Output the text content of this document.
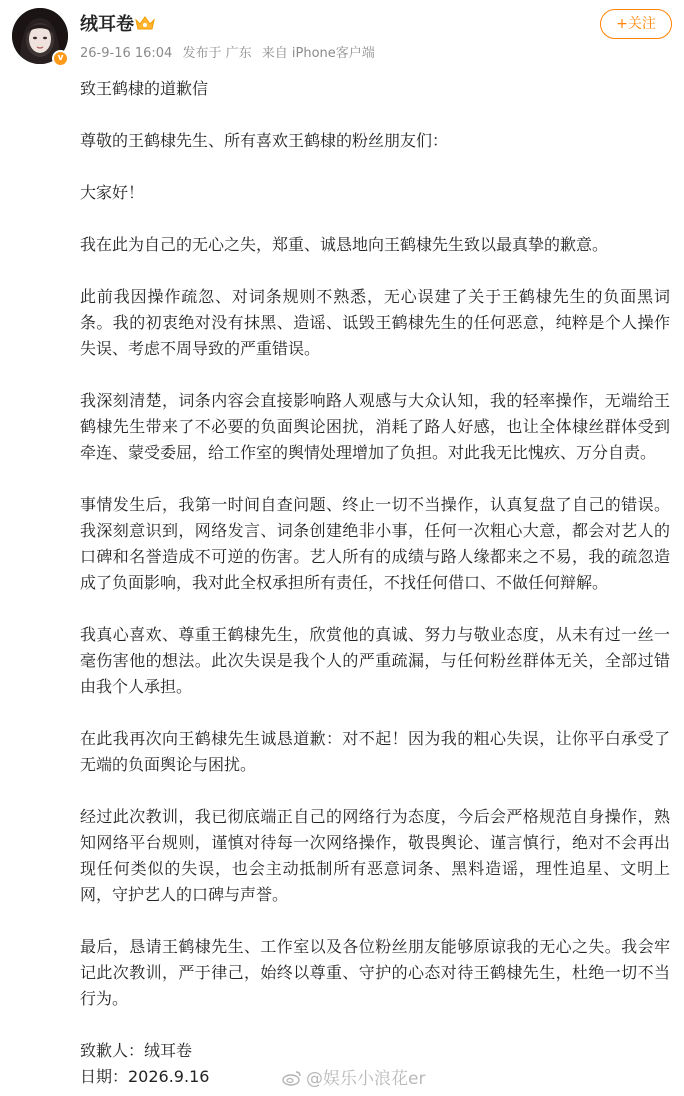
v
绒耳卷
26-9-16 16:04 发布于 广东 来自 iPhone客户端
+关注
致王鹤棣的道歉信
尊敬的王鹤棣先生、所有喜欢王鹤棣的粉丝朋友们：
大家好！
我在此为自己的无心之失，郑重、诚恳地向王鹤棣先生致以最真挚的歉意。
此前我因操作疏忽、对词条规则不熟悉，无心误建了关于王鹤棣先生的负面黑词条。我的初衷绝对没有抹黑、造谣、诋毁王鹤棣先生的任何恶意，纯粹是个人操作失误、考虑不周导致的严重错误。
我深刻清楚，词条内容会直接影响路人观感与大众认知，我的轻率操作，无端给王鹤棣先生带来了不必要的负面舆论困扰，消耗了路人好感，也让全体棣丝群体受到牵连、蒙受委屈，给工作室的舆情处理增加了负担。对此我无比愧疚、万分自责。
事情发生后，我第一时间自查问题、终止一切不当操作，认真复盘了自己的错误。我深刻意识到，网络发言、词条创建绝非小事，任何一次粗心大意，都会对艺人的口碑和名誉造成不可逆的伤害。艺人所有的成绩与路人缘都来之不易，我的疏忽造成了负面影响，我对此全权承担所有责任，不找任何借口、不做任何辩解。
我真心喜欢、尊重王鹤棣先生，欣赏他的真诚、努力与敬业态度，从未有过一丝一毫伤害他的想法。此次失误是我个人的严重疏漏，与任何粉丝群体无关，全部过错由我个人承担。
在此我再次向王鹤棣先生诚恳道歉：对不起！因为我的粗心失误，让你平白承受了无端的负面舆论与困扰。
经过此次教训，我已彻底端正自己的网络行为态度，今后会严格规范自身操作，熟知网络平台规则，谨慎对待每一次网络操作，敬畏舆论、谨言慎行，绝对不会再出现任何类似的失误，也会主动抵制所有恶意词条、黑料造谣，理性追星、文明上网，守护艺人的口碑与声誉。
最后，恳请王鹤棣先生、工作室以及各位粉丝朋友能够原谅我的无心之失。我会牢记此次教训，严于律己，始终以尊重、守护的心态对待王鹤棣先生，杜绝一切不当行为。
致歉人：绒耳卷
日期：2026.9.16	@娱乐小浪花er
